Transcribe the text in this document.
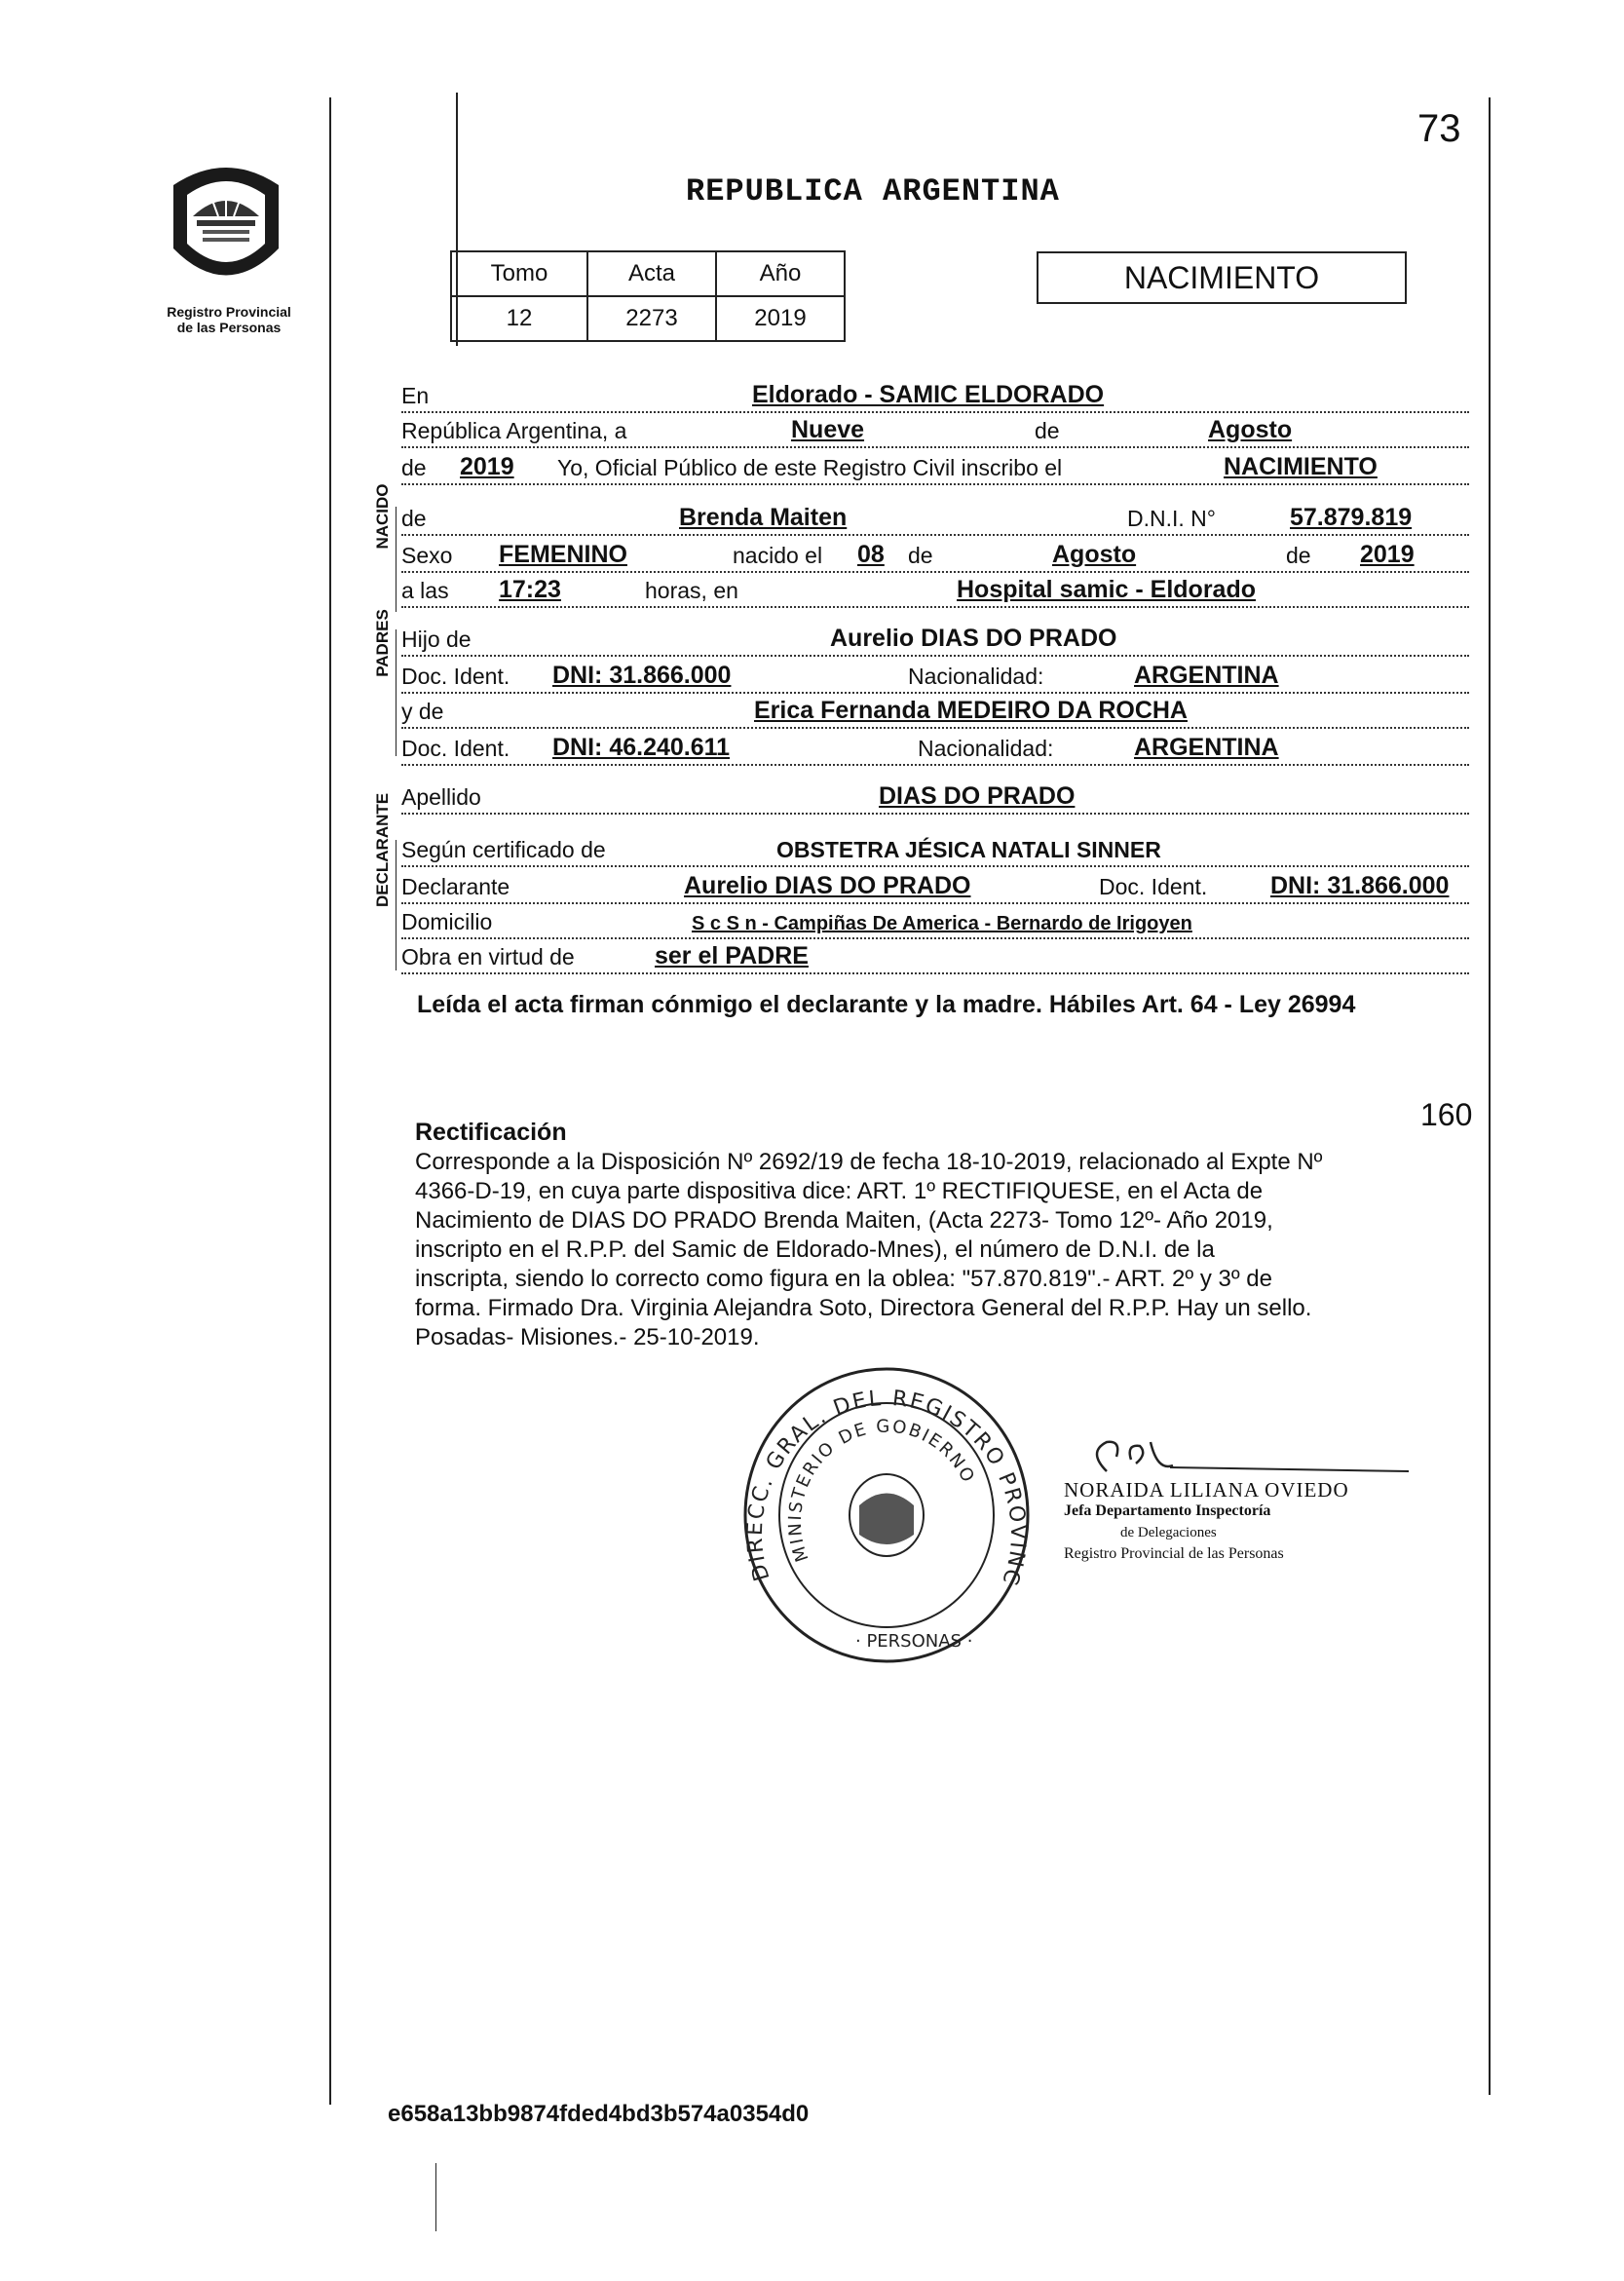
73
Registro Provincial
de las Personas
REPUBLICA ARGENTINA
Tomo	Acta	Año
12	2273	2019
NACIMIENTO
En	Eldorado - SAMIC ELDORADO
República Argentina, a	Nueve	de	Agosto
de 2019 Yo, Oficial Público de este Registro Civil inscribo el	NACIMIENTO
NACIDO de	Brenda Maiten	D.N.I. N°	57.879.819
Sexo FEMENINO	nacido el 08 de	Agosto	de 2019
a las 17:23	horas, en	Hospital samic - Eldorado
PADRES Hijo de	Aurelio DIAS DO PRADO
Doc. Ident. DNI: 31.866.000	Nacionalidad:	ARGENTINA
y de	Erica Fernanda MEDEIRO DA ROCHA
Doc. Ident. DNI: 46.240.611	Nacionalidad:	ARGENTINA
Apellido	DIAS DO PRADO
DECLARANTE Según certificado de	OBSTETRA JÉSICA NATALI SINNER
Declarante	Aurelio DIAS DO PRADO	Doc. Ident.	DNI: 31.866.000
Domicilio	S c S n - Campiñas De America - Bernardo de Irigoyen
Obra en virtud de	ser el PADRE
Leída el acta firman cónmigo el declarante y la madre. Hábiles Art. 64 - Ley 26994
160
Rectificación
Corresponde a la Disposición Nº 2692/19 de fecha 18-10-2019, relacionado al Expte Nº
4366-D-19, en cuya parte dispositiva dice: ART. 1º RECTIFIQUESE, en el Acta de
Nacimiento de DIAS DO PRADO Brenda Maiten, (Acta 2273- Tomo 12º- Año 2019,
inscripto en el R.P.P. del Samic de Eldorado-Mnes), el número de D.N.I. de la
inscripta, siendo lo correcto como figura en la oblea: "57.870.819".- ART. 2º y 3º de
forma. Firmado Dra. Virginia Alejandra Soto, Directora General del R.P.P. Hay un sello.
Posadas- Misiones.- 25-10-2019.
DIRECC. GRAL. DEL REGISTRO PROVINC
MINISTERIO DE GOBIERNO
· PERSONAS ·
NORAIDA LILIANA OVIEDO
Jefa Departamento Inspectoría
de Delegaciones
Registro Provincial de las Personas
e658a13bb9874fded4bd3b574a0354d0
